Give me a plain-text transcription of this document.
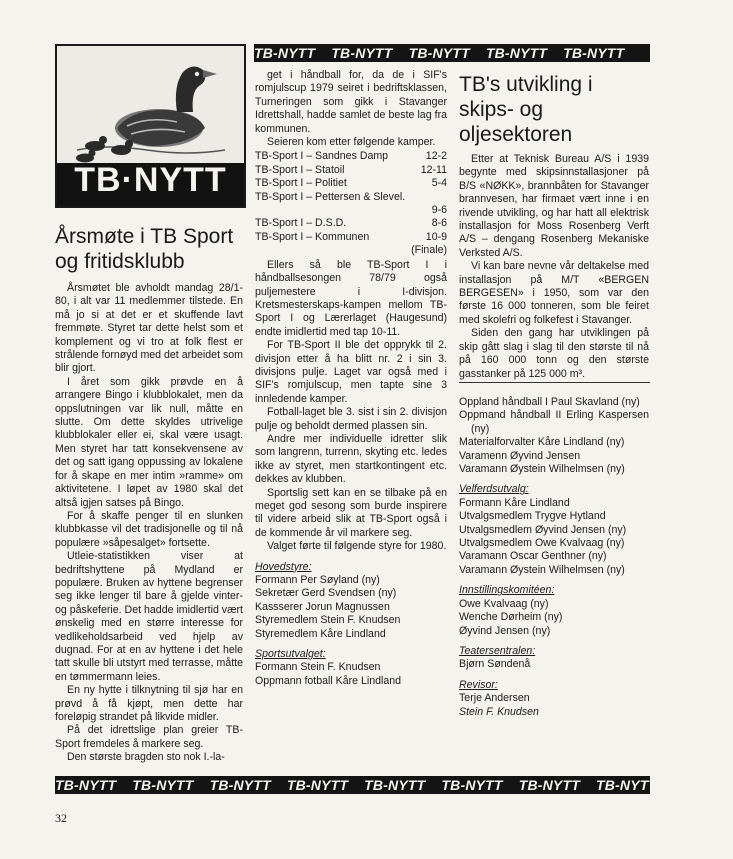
TB-NYTT TB-NYTT TB-NYTT TB-NYTT TB-NYTT
TB·NYTT
Årsmøte i TB Sport og fritidsklubb

Årsmøtet ble avholdt mandag 28/1-80, i alt var 11 medlemmer tilstede. En må jo si at det er et skuffende lavt fremmøte. Styret tar dette helst som et komplement og vi tro at folk flest er strålende fornøyd med det arbeidet som blir gjort.

I året som gikk prøvde en å arrangere Bingo i klubblokalet, men da oppslutningen var lik null, måtte en slutte. Om dette skyldes utrivelige klubblokaler eller ei, skal være usagt. Men styret har tatt konsekvensene av det og satt igang oppussing av lokalene for å skape en mer intim »ramme» om aktivitetene. I løpet av 1980 skal det altså igjen satses på Bingo.

For å skaffe penger til en slunken klubbkasse vil det tradisjonelle og til nå populære »såpesalget» fortsette.

Utleie-statistikken viser at bedriftshyttene på Mydland er populære. Bruken av hyttene begrenser seg ikke lenger til bare å gjelde vinter- og påskeferie. Det hadde imidlertid vært ønskelig med en større interesse for vedlikeholdsarbeid ved hjelp av dugnad. For at en av hyttene i det hele tatt skulle bli utstyrt med terrasse, måtte en tømmermann leies.

En ny hytte i tilknytning til sjø har en prøvd å få kjøpt, men dette har foreløpig strandet på likvide midler.

På det idrettslige plan greier TB-Sport fremdeles å markere seg.

Den største bragden sto nok I.-la-

get i håndball for, da de i SIF's romjulscup 1979 seiret i bedriftsklassen, Turneringen som gikk i Stavanger Idrettshall, hadde samlet de beste lag fra kommunen.

Seieren kom etter følgende kamper.

TB-Sport I – Sandnes Damp	12-2
TB-Sport I – Statoil	12-11
TB-Sport I – Politiet	5-4
TB-Sport I – Pettersen & Slevel.
9-6
TB-Sport I – D.S.D.	8-6
TB-Sport I – Kommunen	10-9
(Finale)

Ellers så ble TB-Sport I i håndballsesongen 78/79 også puljemestere i I-divisjon. Kretsmesterskaps-kampen mellom TB-Sport I og Lærerlaget (Haugesund) endte imidlertid med tap 10-11.

For TB-Sport II ble det opprykk til 2. divisjon etter å ha blitt nr. 2 i sin 3. divisjons pulje. Laget var også med i SIF's romjulscup, men tapte sine 3 innledende kamper.

Fotball-laget ble 3. sist i sin 2. divisjon pulje og beholdt dermed plassen sin.

Andre mer individuelle idretter slik som langrenn, turrenn, skyting etc. ledes ikke av styret, men startkontingent etc. dekkes av klubben.

Sportslig sett kan en se tilbake på en meget god sesong som burde inspirere til videre arbeid slik at TB-Sport også i de kommende år vil markere seg.

Valget førte til følgende styre for 1980.

Hovedstyre:

Formann Per Søyland (ny)

Sekretær Gerd Svendsen (ny)

Kassserer Jorun Magnussen

Styremedlem Stein F. Knudsen

Styremedlem Kåre Lindland

Sportsutvalget:

Formann Stein F. Knudsen

Oppmann fotball Kåre Lindland

TB's utvikling i skips- og oljesektoren

Etter at Teknisk Bureau A/S i 1939 begynte med skipsinnstallasjoner på B/S «NØKK», brannbåten for Stavanger brannvesen, har firmaet vært inne i en rivende utvikling, og har hatt all elektrisk installasjon for Moss Rosenberg Verft A/S – dengang Rosenberg Mekaniske Verksted A/S.

Vi kan bare nevne vår deltakelse med installasjon på M/T «BERGEN BERGESEN» i 1950, som var den første 16 000 tonneren, som ble feiret med skolefri og folkefest i Stavanger.

Siden den gang har utviklingen på skip gått slag i slag til den største til nå på 160 000 tonn og den største gasstanker på 125 000 m³.

Oppland håndball I Paul Skavland (ny)

Oppmand håndball II Erling Kaspersen (ny)

Materialforvalter Kåre Lindland (ny)

Varamenn Øyvind Jensen

Varamann Øystein Wilhelmsen (ny)

Velferdsutvalg:

Formann Kåre Lindland

Utvalgsmedlem Trygve Hytland

Utvalgsmedlem Øyvind Jensen (ny)

Utvalgsmedlem Owe Kvalvaag (ny)

Varamann Oscar Genthner (ny)

Varamann Øystein Wilhelmsen (ny)

Innstillingskomitéen:

Owe Kvalvaag (ny)

Wenche Dørheim (ny)

Øyvind Jensen (ny)

Teatersentralen:

Bjørn Søndenå

Revisor:

Terje Andersen

Stein F. Knudsen

TB-NYTT TB-NYTT TB-NYTT TB-NYTT TB-NYTT TB-NYTT TB-NYTT TB-NYTT TB-NY
32
